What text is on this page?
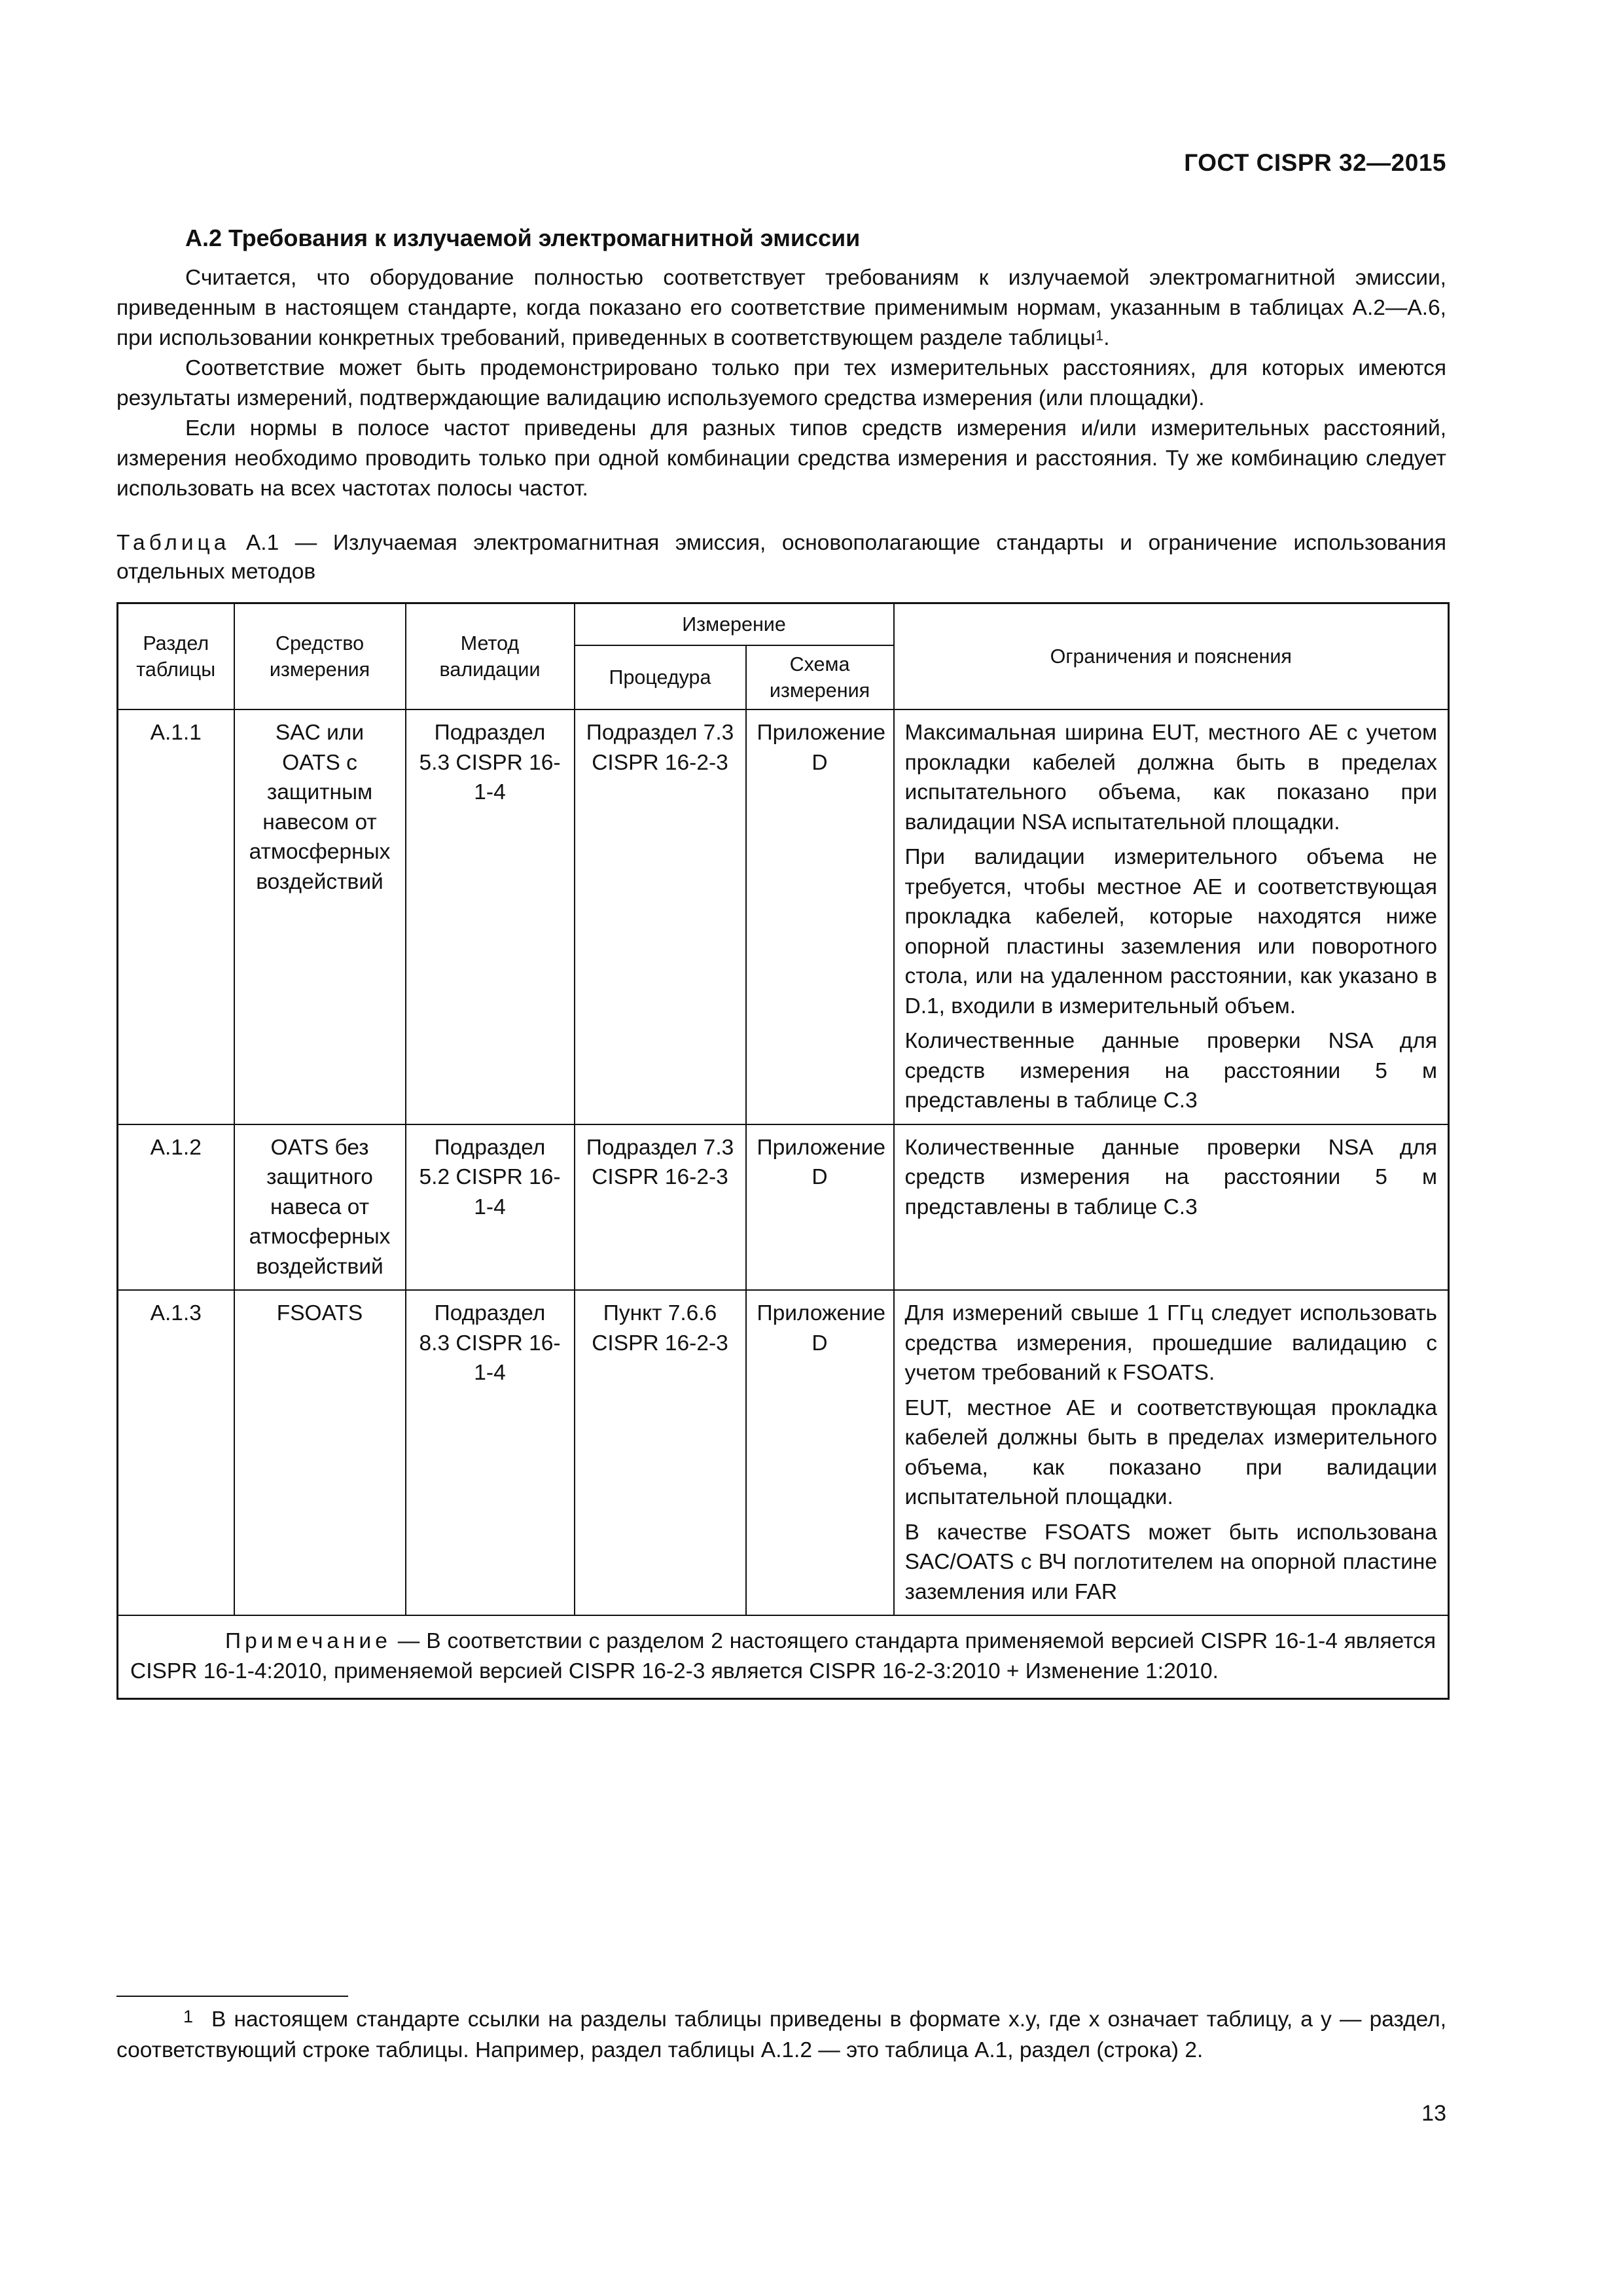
ГОСТ CISPR 32—2015
А.2 Требования к излучаемой электромагнитной эмиссии

Считается, что оборудование полностью соответствует требованиям к излучаемой электромагнитной эмиссии, приведенным в настоящем стандарте, когда показано его соответствие применимым нормам, указанным в таблицах А.2—А.6, при использовании конкретных требований, приведенных в соответствующем разделе таблицы$^1$.

Соответствие может быть продемонстрировано только при тех измерительных расстояниях, для которых имеются результаты измерений, подтверждающие валидацию используемого средства измерения (или площадки).

Если нормы в полосе частот приведены для разных типов средств измерения и/или измерительных расстояний, измерения необходимо проводить только при одной комбинации средства измерения и расстояния. Ту же комбинацию следует использовать на всех частотах полосы частот.

Таблица А.1 — Излучаемая электромагнитная эмиссия, основополагающие стандарты и ограничение использования отдельных методов
Раздел таблицы	Средство измерения	Метод валидации	Измерение		Ограничения и пояснения
			Процедура	Схема измерения	
А.1.1	SAC или OATS с защитным навесом от атмосферных воздействий	Подраздел 5.3 CISPR 16-1-4	Подраздел 7.3 CISPR 16-2-3	Приложение D	Максимальная ширина EUT, местного АЕ с учетом прокладки кабелей должна быть в пределах испытательного объема, как показано при валидации NSA испытательной площадки.

При валидации измерительного объема не требуется, чтобы местное АЕ и соответствующая прокладка кабелей, которые находятся ниже опорной пластины заземления или поворотного стола, или на удаленном расстоянии, как указано в D.1, входили в измерительный объем.

Количественные данные проверки NSA для средств измерения на расстоянии 5 м представлены в таблице С.3

А.1.2	OATS без защитного навеса от атмосферных воздействий	Подраздел 5.2 CISPR 16-1-4	Подраздел 7.3 CISPR 16-2-3	Приложение D	Количественные данные проверки NSA для средств измерения на расстоянии 5 м представлены в таблице С.3

А.1.3	FSOATS	Подраздел 8.3 CISPR 16-1-4	Пункт 7.6.6 CISPR 16-2-3	Приложение D	Для измерений свыше 1 ГГц следует использовать средства измерения, прошедшие валидацию с учетом требований к FSOATS.

EUT, местное АЕ и соответствующая прокладка кабелей должны быть в пределах измерительного объема, как показано при валидации испытательной площадки.

В качестве FSOATS может быть использована SAC/OATS с ВЧ поглотителем на опорной пластине заземления или FAR

Примечание — В соответствии с разделом 2 настоящего стандарта применяемой версией CISPR 16-1-4 является CISPR 16-1-4:2010, применяемой версией CISPR 16-2-3 является CISPR 16-2-3:2010 + Изменение 1:2010.					
1 В настоящем стандарте ссылки на разделы таблицы приведены в формате x.y, где x означает таблицу, а y — раздел, соответствующий строке таблицы. Например, раздел таблицы А.1.2 — это таблица А.1, раздел (строка) 2.
13
